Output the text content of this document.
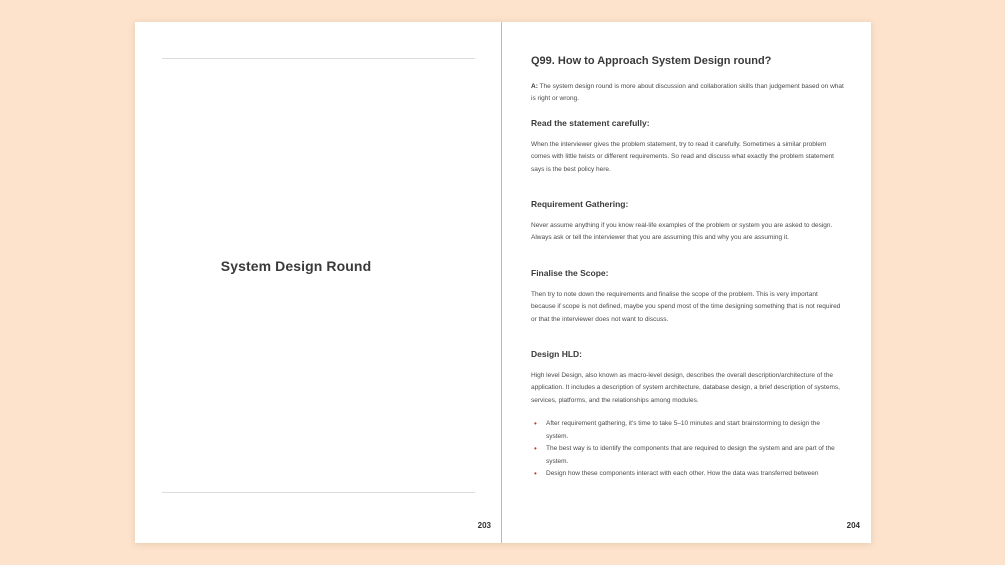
System Design Round
203
Q99. How to Approach System Design round?

A: The system design round is more about discussion and collaboration skills than judgement based on what is right or wrong.

Read the statement carefully:

When the interviewer gives the problem statement, try to read it carefully. Sometimes a similar problem comes with little twists or different requirements. So read and discuss what exactly the problem statement says is the best policy here.

Requirement Gathering:

Never assume anything if you know real-life examples of the problem or system you are asked to design. Always ask or tell the interviewer that you are assuming this and why you are assuming it.

Finalise the Scope:

Then try to note down the requirements and finalise the scope of the problem. This is very important because if scope is not defined, maybe you spend most of the time designing something that is not required or that the interviewer does not want to discuss.

Design HLD:

High level Design, also known as macro-level design, describes the overall description/architecture of the application. It includes a description of system architecture, database design, a brief description of systems, services, platforms, and the relationships among modules.

• After requirement gathering, it's time to take 5–10 minutes and start brainstorming to design the system.
• The best way is to identify the components that are required to design the system and are part of the system.
• Design how these components interact with each other. How the data was transferred between
204
